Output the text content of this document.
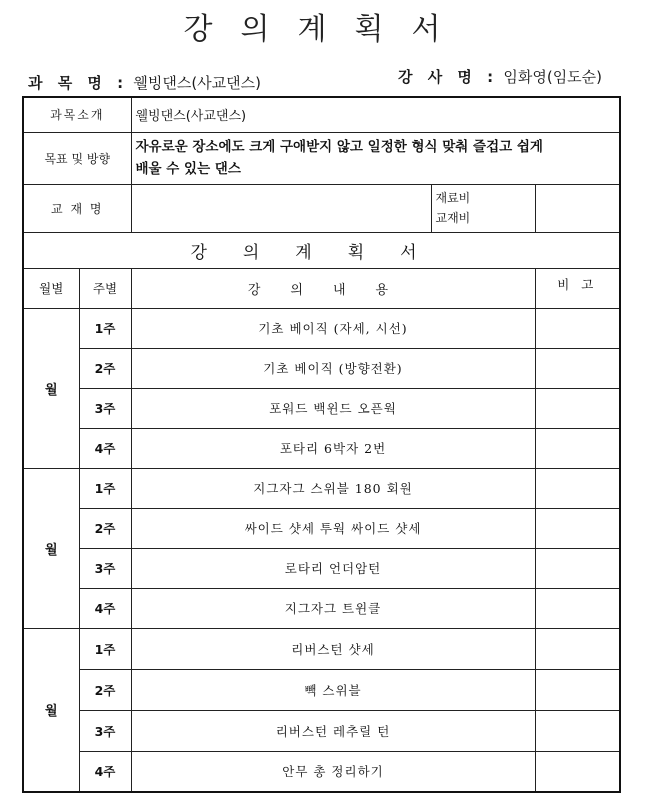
강의계획서
과 목 명 : 웰빙댄스(사교댄스)	강 사 명 : 임화영(임도순)
과목소개		웰빙댄스(사교댄스)		
목표 및 방향		자유로운 장소에도 크게 구애받지 않고 일정한 형식 맞춰 즐겁고 쉽게
배울 수 있는 댄스		

교 재 명			재료비
교재비	

강의계획서				
월별	주별	강의내용		비 고
월	1주	기초 베이직 (자세, 시선)		
	2주	기초 베이직 (방향전환)		
	3주	포워드 백윈드 오픈웍		
	4주	포타리 6박자 2번		
월	1주	지그자그 스위블 180 회원		
	2주	싸이드 샷세 투웍 싸이드 샷세		
	3주	로타리 언더암턴		
	4주	지그자그 트윈클		
월	1주	리버스턴 샷세		
	2주	빽 스위블		
	3주	리버스턴 레추릴 턴		
	4주	안무 총 정리하기		
